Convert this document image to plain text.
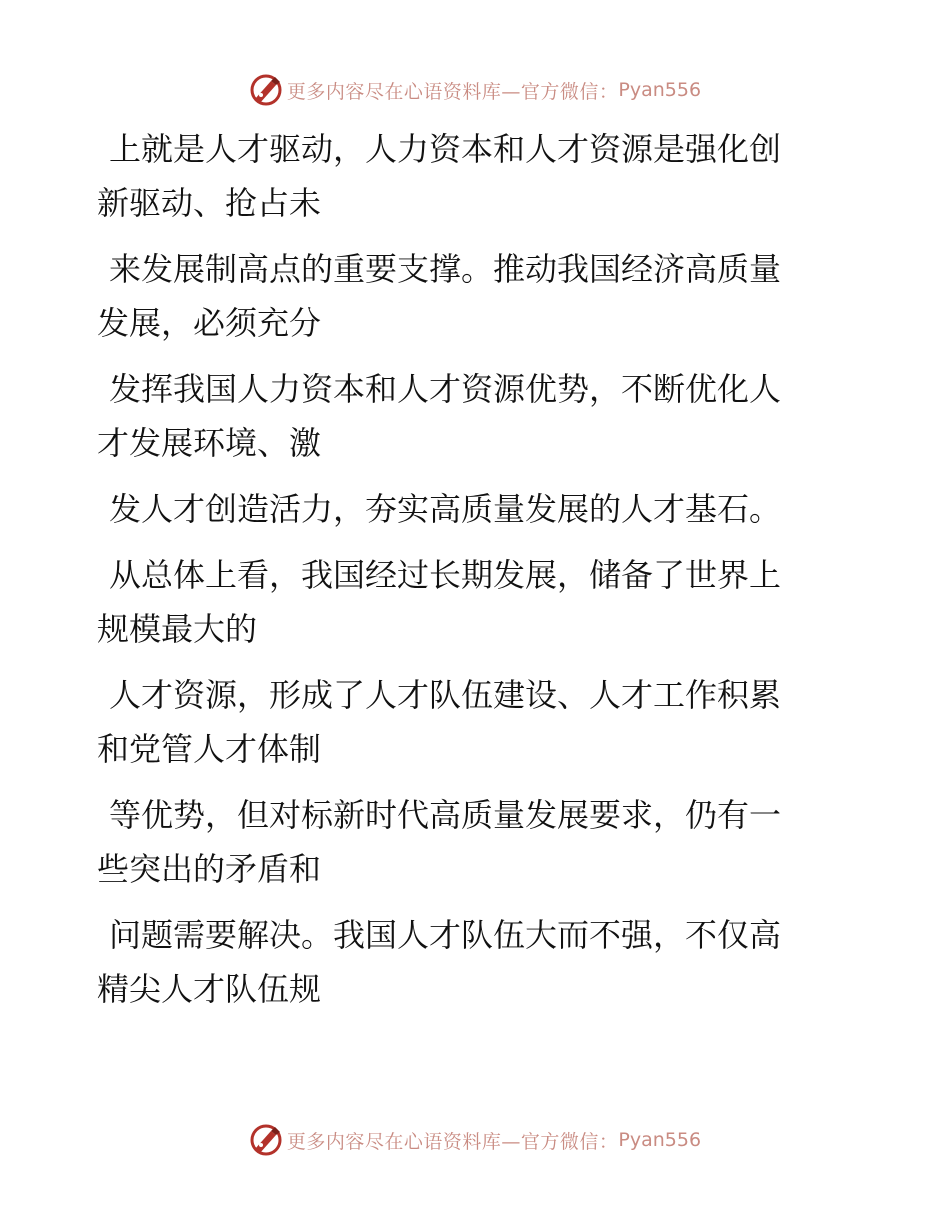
更多内容尽在心语资料库—官方微信： Pyan556
上就是人才驱动，人力资本和人才资源是强化创
新驱动、抢占未
来发展制高点的重要支撑。推动我国经济高质量
发展，必须充分
发挥我国人力资本和人才资源优势，不断优化人
才发展环境、激
发人才创造活力，夯实高质量发展的人才基石。
从总体上看，我国经过长期发展，储备了世界上
规模最大的
人才资源，形成了人才队伍建设、人才工作积累
和党管人才体制
等优势，但对标新时代高质量发展要求，仍有一
些突出的矛盾和
问题需要解决。我国人才队伍大而不强，不仅高
精尖人才队伍规
更多内容尽在心语资料库—官方微信： Pyan556
